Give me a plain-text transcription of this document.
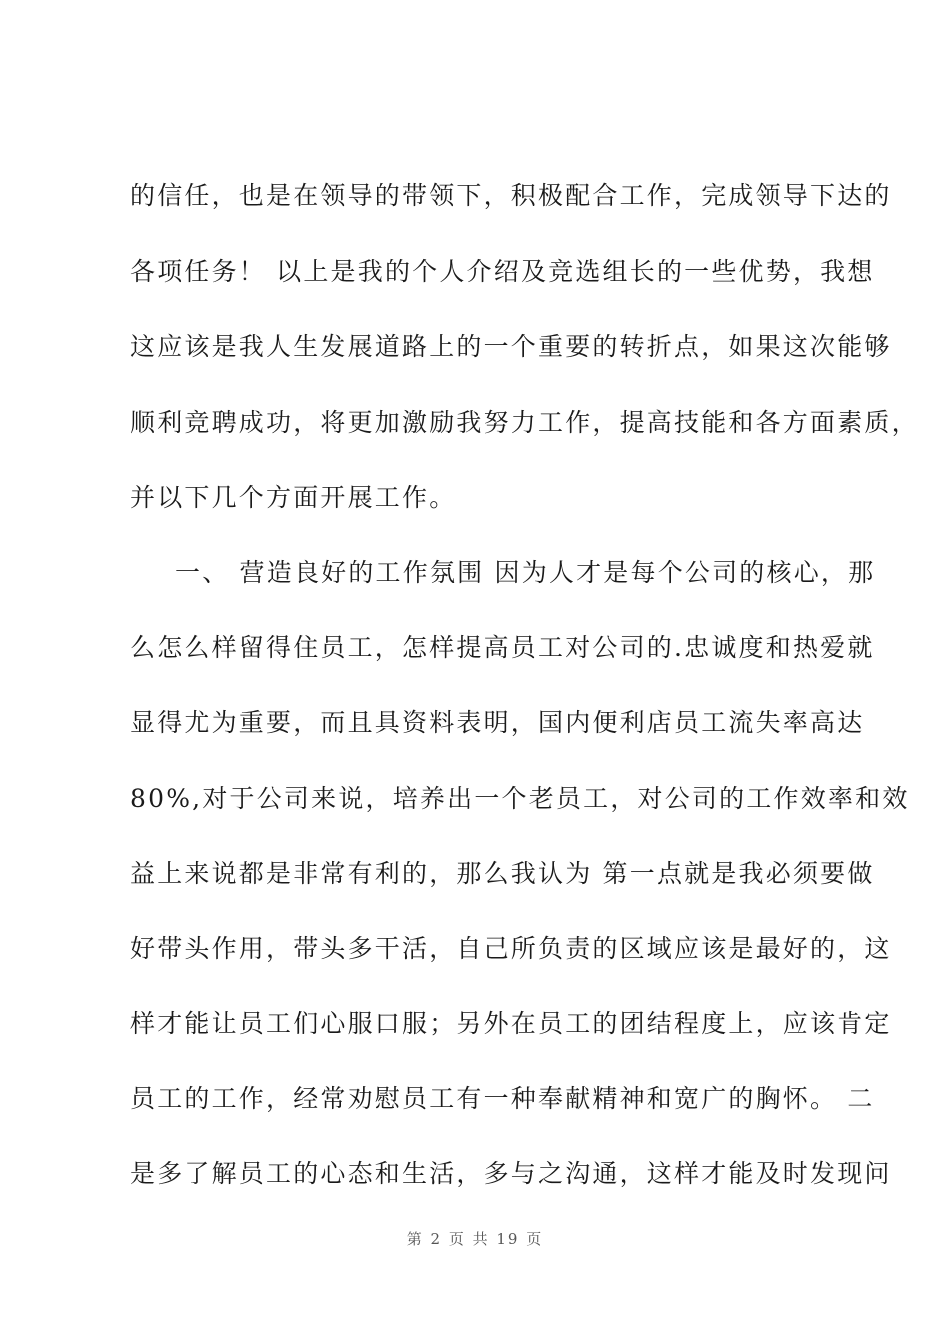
的信任，也是在领导的带领下，积极配合工作，完成领导下达的
各项任务！ 以上是我的个人介绍及竞选组长的一些优势，我想
这应该是我人生发展道路上的一个重要的转折点，如果这次能够
顺利竞聘成功，将更加激励我努力工作，提高技能和各方面素质，
并以下几个方面开展工作。
一、 营造良好的工作氛围 因为人才是每个公司的核心，那
么怎么样留得住员工，怎样提高员工对公司的.忠诚度和热爱就
显得尤为重要，而且具资料表明，国内便利店员工流失率高达
80%,对于公司来说，培养出一个老员工，对公司的工作效率和效
益上来说都是非常有利的，那么我认为 第一点就是我必须要做
好带头作用，带头多干活，自己所负责的区域应该是最好的，这
样才能让员工们心服口服；另外在员工的团结程度上，应该肯定
员工的工作，经常劝慰员工有一种奉献精神和宽广的胸怀。 二
是多了解员工的心态和生活，多与之沟通，这样才能及时发现问
第 2 页 共 19 页
